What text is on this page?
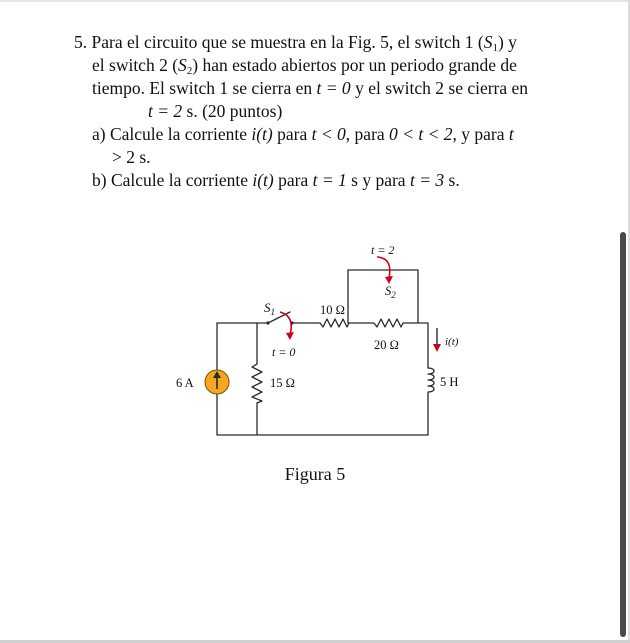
5. Para el circuito que se muestra en la Fig. 5, el switch 1 $(S_1)$ y
el switch 2 $(S_2)$ han estado abiertos por un periodo grande de
tiempo. El switch 1 se cierra en t = 0 y el switch 2 se cierra en
t = 2 s. (20 puntos)
a) Calcule la corriente i(t) para t < 0, para 0 < t < 2, y para t
> 2 s.
b) Calcule la corriente i(t) para t = 1 s y para t = 3 s.
6 A	15 Ω
$S_1$
t = 0
10 Ω
20 Ω
$S_2$
t = 2
i(t)
5 H
Figura 5
